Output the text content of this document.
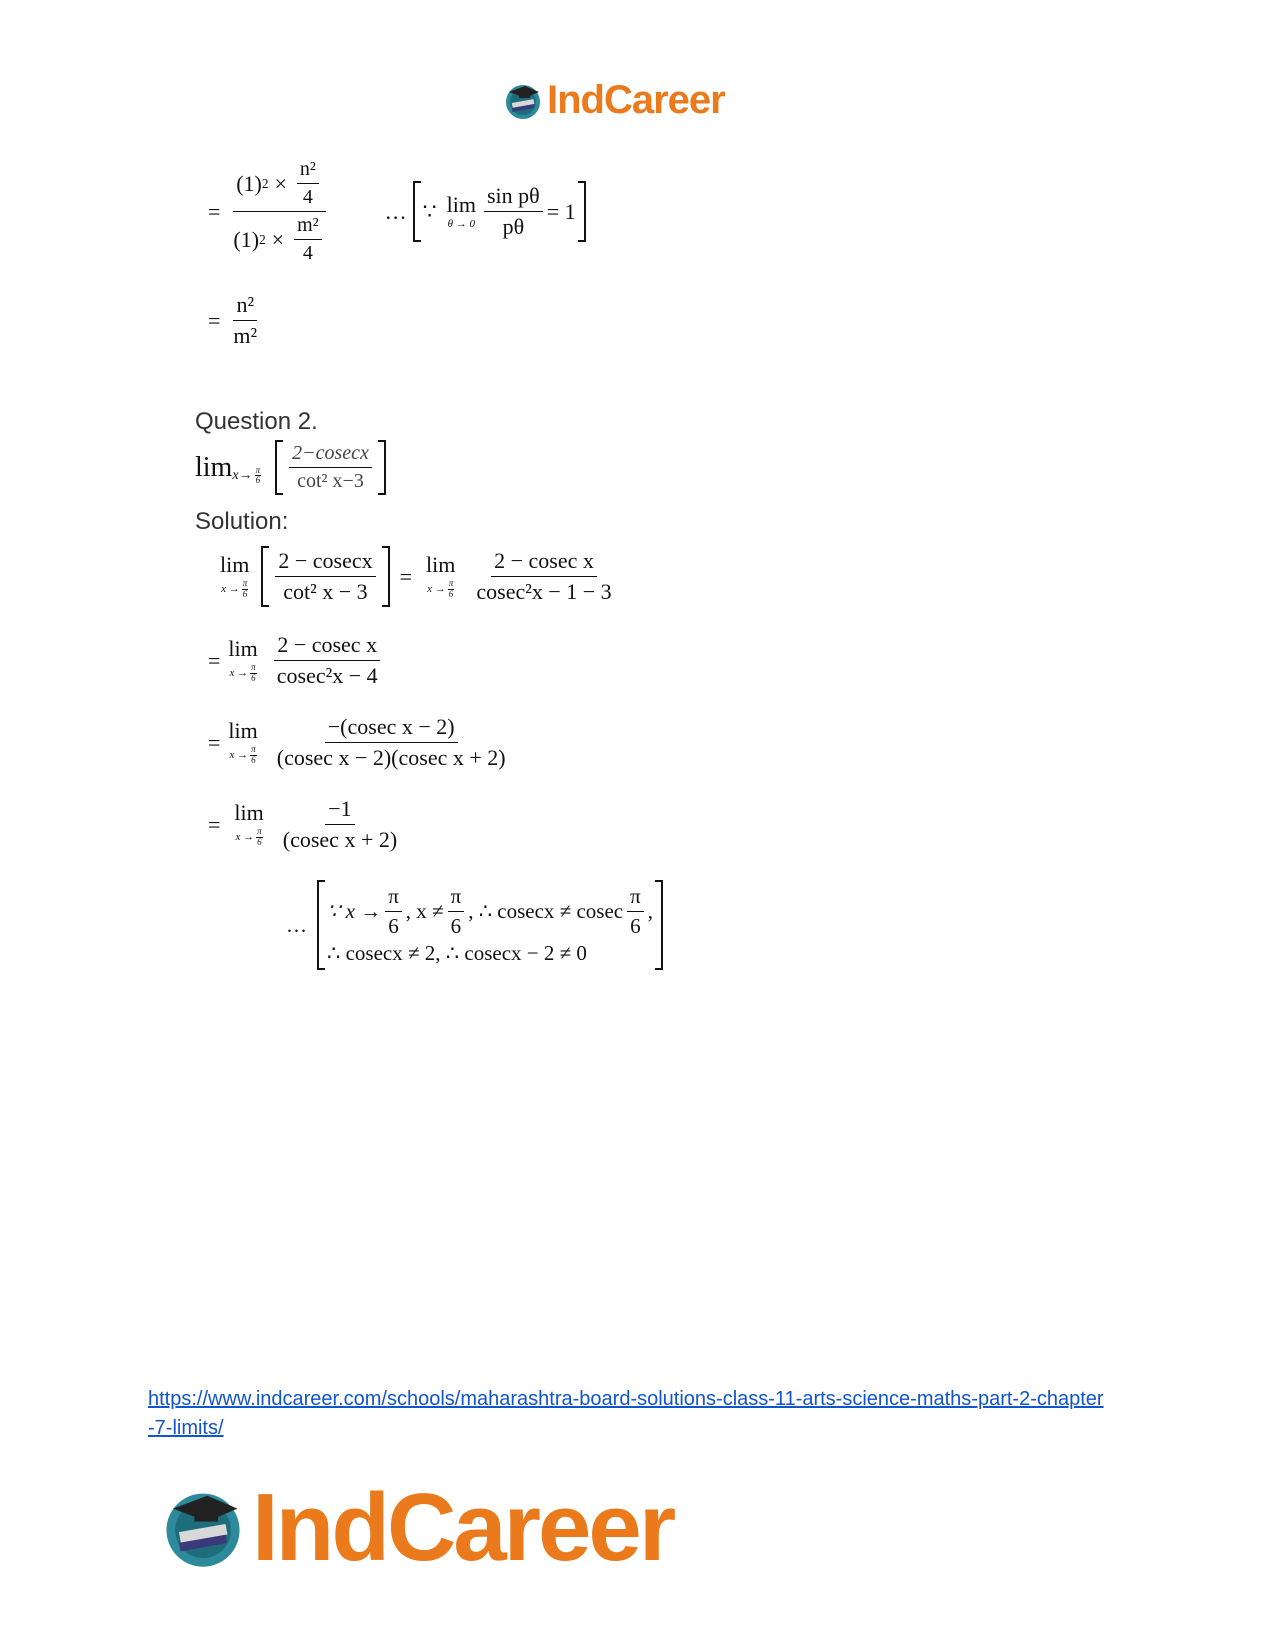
IndCareer
= $\frac{(1) 2 \times \frac{\text{n²}}{4}}{(1) 2 \times \frac{\text{m²}}{4}}$	… ∵ lim
$\theta \to 0 \frac{\text{sin pθ}}{p\theta} = 1$
= $\frac{\text{n²}}{\text{m²}}$
Question 2.
lim x→ π
$6 \frac{2-cosecx}{\text{cot² x−3}}$
Solution:
lim
x → π
$6 \frac{2 - cosecx}{\text{cot² x − 3}} = \lim$
x → π
$6 \frac{\text{2 − cosec x}}{\text{cosec²x − 1 − 3}}$
= lim
x → π
$6 \frac{\text{2 − cosec x}}{\text{cosec²x − 4}}$
= lim
x → π
$6 \frac{\text{−(cosec x − 2)}}{\text{(cosec x − 2)(cosec x + 2)}}$
= lim
x → π
$6 \frac{-1}{\text{(cosec x + 2)}}$
…
∵ $x \to \frac{\pi}{6}$ , $x \ne \frac{\pi}{6}$ , ∴ cosecx ≠ cosec $\frac{\pi}{6}$ ,
∴ cosecx ≠ 2, ∴ cosecx − 2 ≠ 0
https://www.indcareer.com/schools/maharashtra-board-solutions-class-11-arts-science-maths-part-2-chapter-7-limits/
IndCareer
